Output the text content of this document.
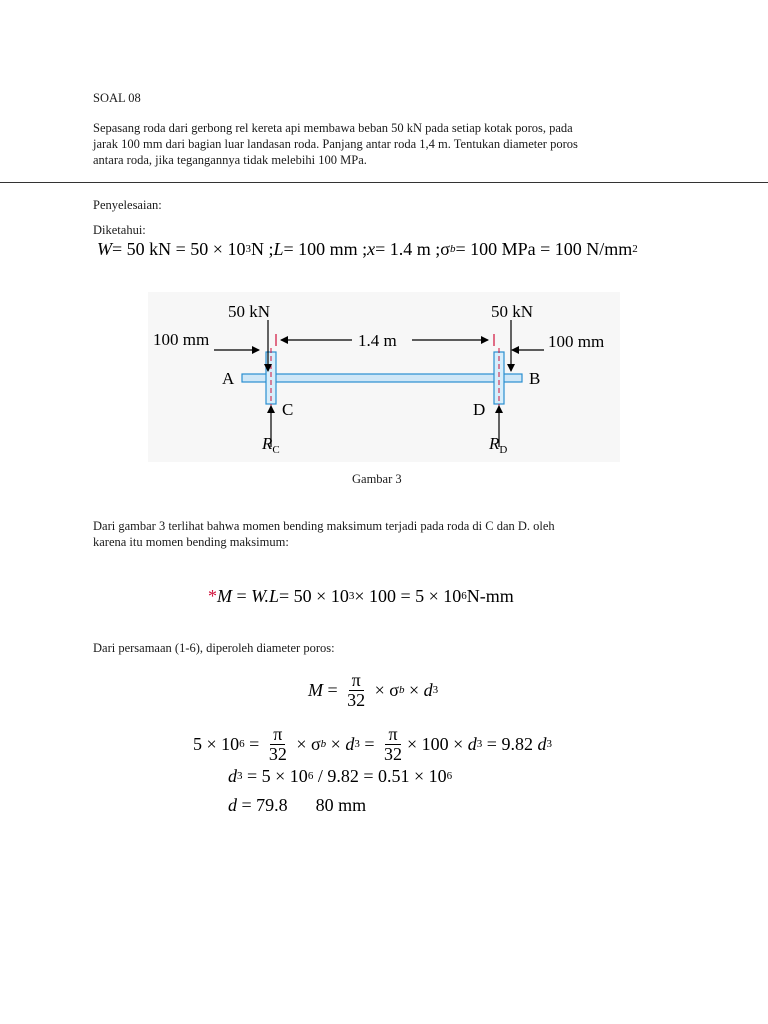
SOAL 08
Sepasang roda dari gerbong rel kereta api membawa beban 50 kN pada setiap kotak poros, pada
jarak 100 mm dari bagian luar landasan roda. Panjang antar roda 1,4 m. Tentukan diameter poros
antara roda, jika tegangannya tidak melebihi 100 MPa.
Penyelesaian:
Diketahui:
W = 50 kN = 50 × 10 3 N ; L = 100 mm ; x = 1.4 m ; σ b = 100 MPa = 100 N/mm 2
50 kN	50 kN
100 mm	100 mm
1.4 m
A	B
C	D
$R_C$	$R_D$
Gambar 3
Dari gambar 3 terlihat bahwa momen bending maksimum terjadi pada roda di C dan D. oleh
karena itu momen bending maksimum:
* M = W.L = 50 × 10 3 × 100 = 5 × 10 6 N-mm
Dari persamaan (1-6), diperoleh diameter poros:
$M = \frac{\pi}{32} \times \sigma$ b × d 3
5 × 10 $6 = \frac{\pi}{32} \times \sigma$ b × d $3 = \frac{\pi}{32} \times 100 \times d$ 3 = 9.82 d 3
d 3 = 5 × 10 6 / 9.82 = 0.51 × 10 6
d = 79.8 80 mm
